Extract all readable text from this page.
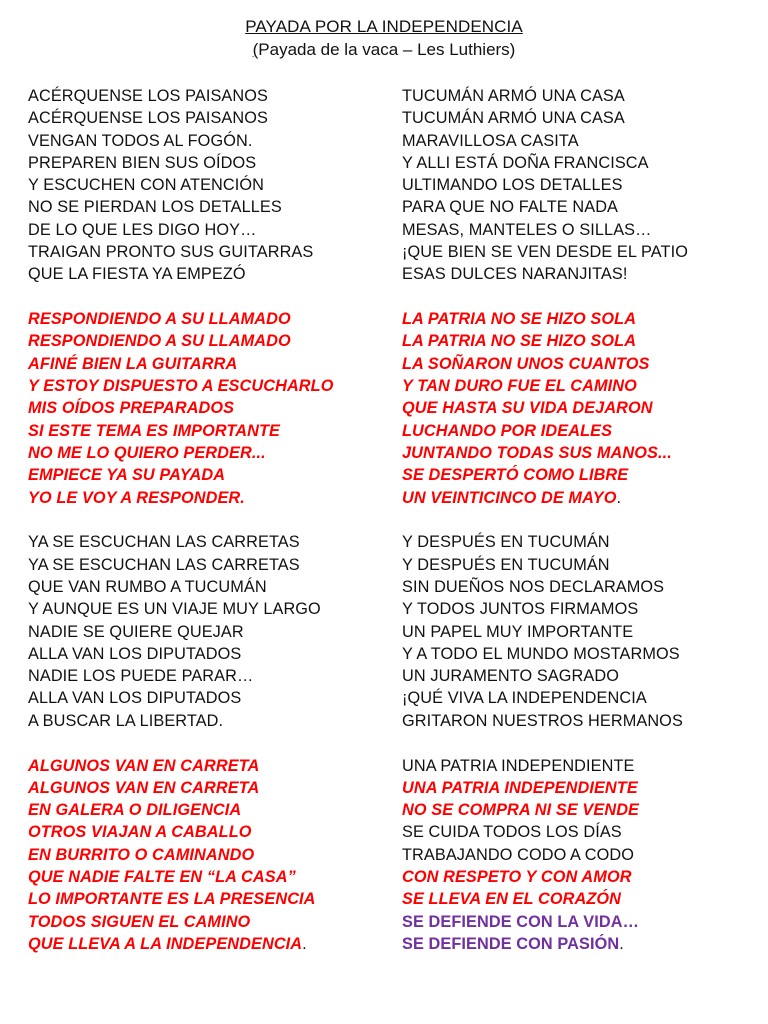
PAYADA POR LA INDEPENDENCIA
(Payada de la vaca – Les Luthiers)
ACÉRQUENSE LOS PAISANOS
ACÉRQUENSE LOS PAISANOS
VENGAN TODOS AL FOGÓN.
PREPAREN BIEN SUS OÍDOS
Y ESCUCHEN CON ATENCIÓN
NO SE PIERDAN LOS DETALLES
DE LO QUE LES DIGO HOY…
TRAIGAN PRONTO SUS GUITARRAS
QUE LA FIESTA YA EMPEZÓ
RESPONDIENDO A SU LLAMADO
RESPONDIENDO A SU LLAMADO
AFINÉ BIEN LA GUITARRA
Y ESTOY DISPUESTO A ESCUCHARLO
MIS OÍDOS PREPARADOS
SI ESTE TEMA ES IMPORTANTE
NO ME LO QUIERO PERDER...
EMPIECE YA SU PAYADA
YO LE VOY A RESPONDER.
YA SE ESCUCHAN LAS CARRETAS
YA SE ESCUCHAN LAS CARRETAS
QUE VAN RUMBO A TUCUMÁN
Y AUNQUE ES UN VIAJE MUY LARGO
NADIE SE QUIERE QUEJAR
ALLA VAN LOS DIPUTADOS
NADIE LOS PUEDE PARAR…
ALLA VAN LOS DIPUTADOS
A BUSCAR LA LIBERTAD.
ALGUNOS VAN EN CARRETA
ALGUNOS VAN EN CARRETA
EN GALERA O DILIGENCIA
OTROS VIAJAN A CABALLO
EN BURRITO O CAMINANDO
QUE NADIE FALTE EN “LA CASA”
LO IMPORTANTE ES LA PRESENCIA
TODOS SIGUEN EL CAMINO
QUE LLEVA A LA INDEPENDENCIA.
TUCUMÁN ARMÓ UNA CASA
TUCUMÁN ARMÓ UNA CASA
MARAVILLOSA CASITA
Y ALLI ESTÁ DOÑA FRANCISCA
ULTIMANDO LOS DETALLES
PARA QUE NO FALTE NADA
MESAS, MANTELES O SILLAS…
¡QUE BIEN SE VEN DESDE EL PATIO
ESAS DULCES NARANJITAS!
LA PATRIA NO SE HIZO SOLA
LA PATRIA NO SE HIZO SOLA
LA SOÑARON UNOS CUANTOS
Y TAN DURO FUE EL CAMINO
QUE HASTA SU VIDA DEJARON
LUCHANDO POR IDEALES
JUNTANDO TODAS SUS MANOS...
SE DESPERTÓ COMO LIBRE
UN VEINTICINCO DE MAYO.
Y DESPUÉS EN TUCUMÁN
Y DESPUÉS EN TUCUMÁN
SIN DUEÑOS NOS DECLARAMOS
Y TODOS JUNTOS FIRMAMOS
UN PAPEL MUY IMPORTANTE
Y A TODO EL MUNDO MOSTARMOS
UN JURAMENTO SAGRADO
¡QUÉ VIVA LA INDEPENDENCIA
GRITARON NUESTROS HERMANOS
UNA PATRIA INDEPENDIENTE
UNA PATRIA INDEPENDIENTE
NO SE COMPRA NI SE VENDE
SE CUIDA TODOS LOS DÍAS
TRABAJANDO CODO A CODO
CON RESPETO Y CON AMOR
SE LLEVA EN EL CORAZÓN
SE DEFIENDE CON LA VIDA…
SE DEFIENDE CON PASIÓN.
